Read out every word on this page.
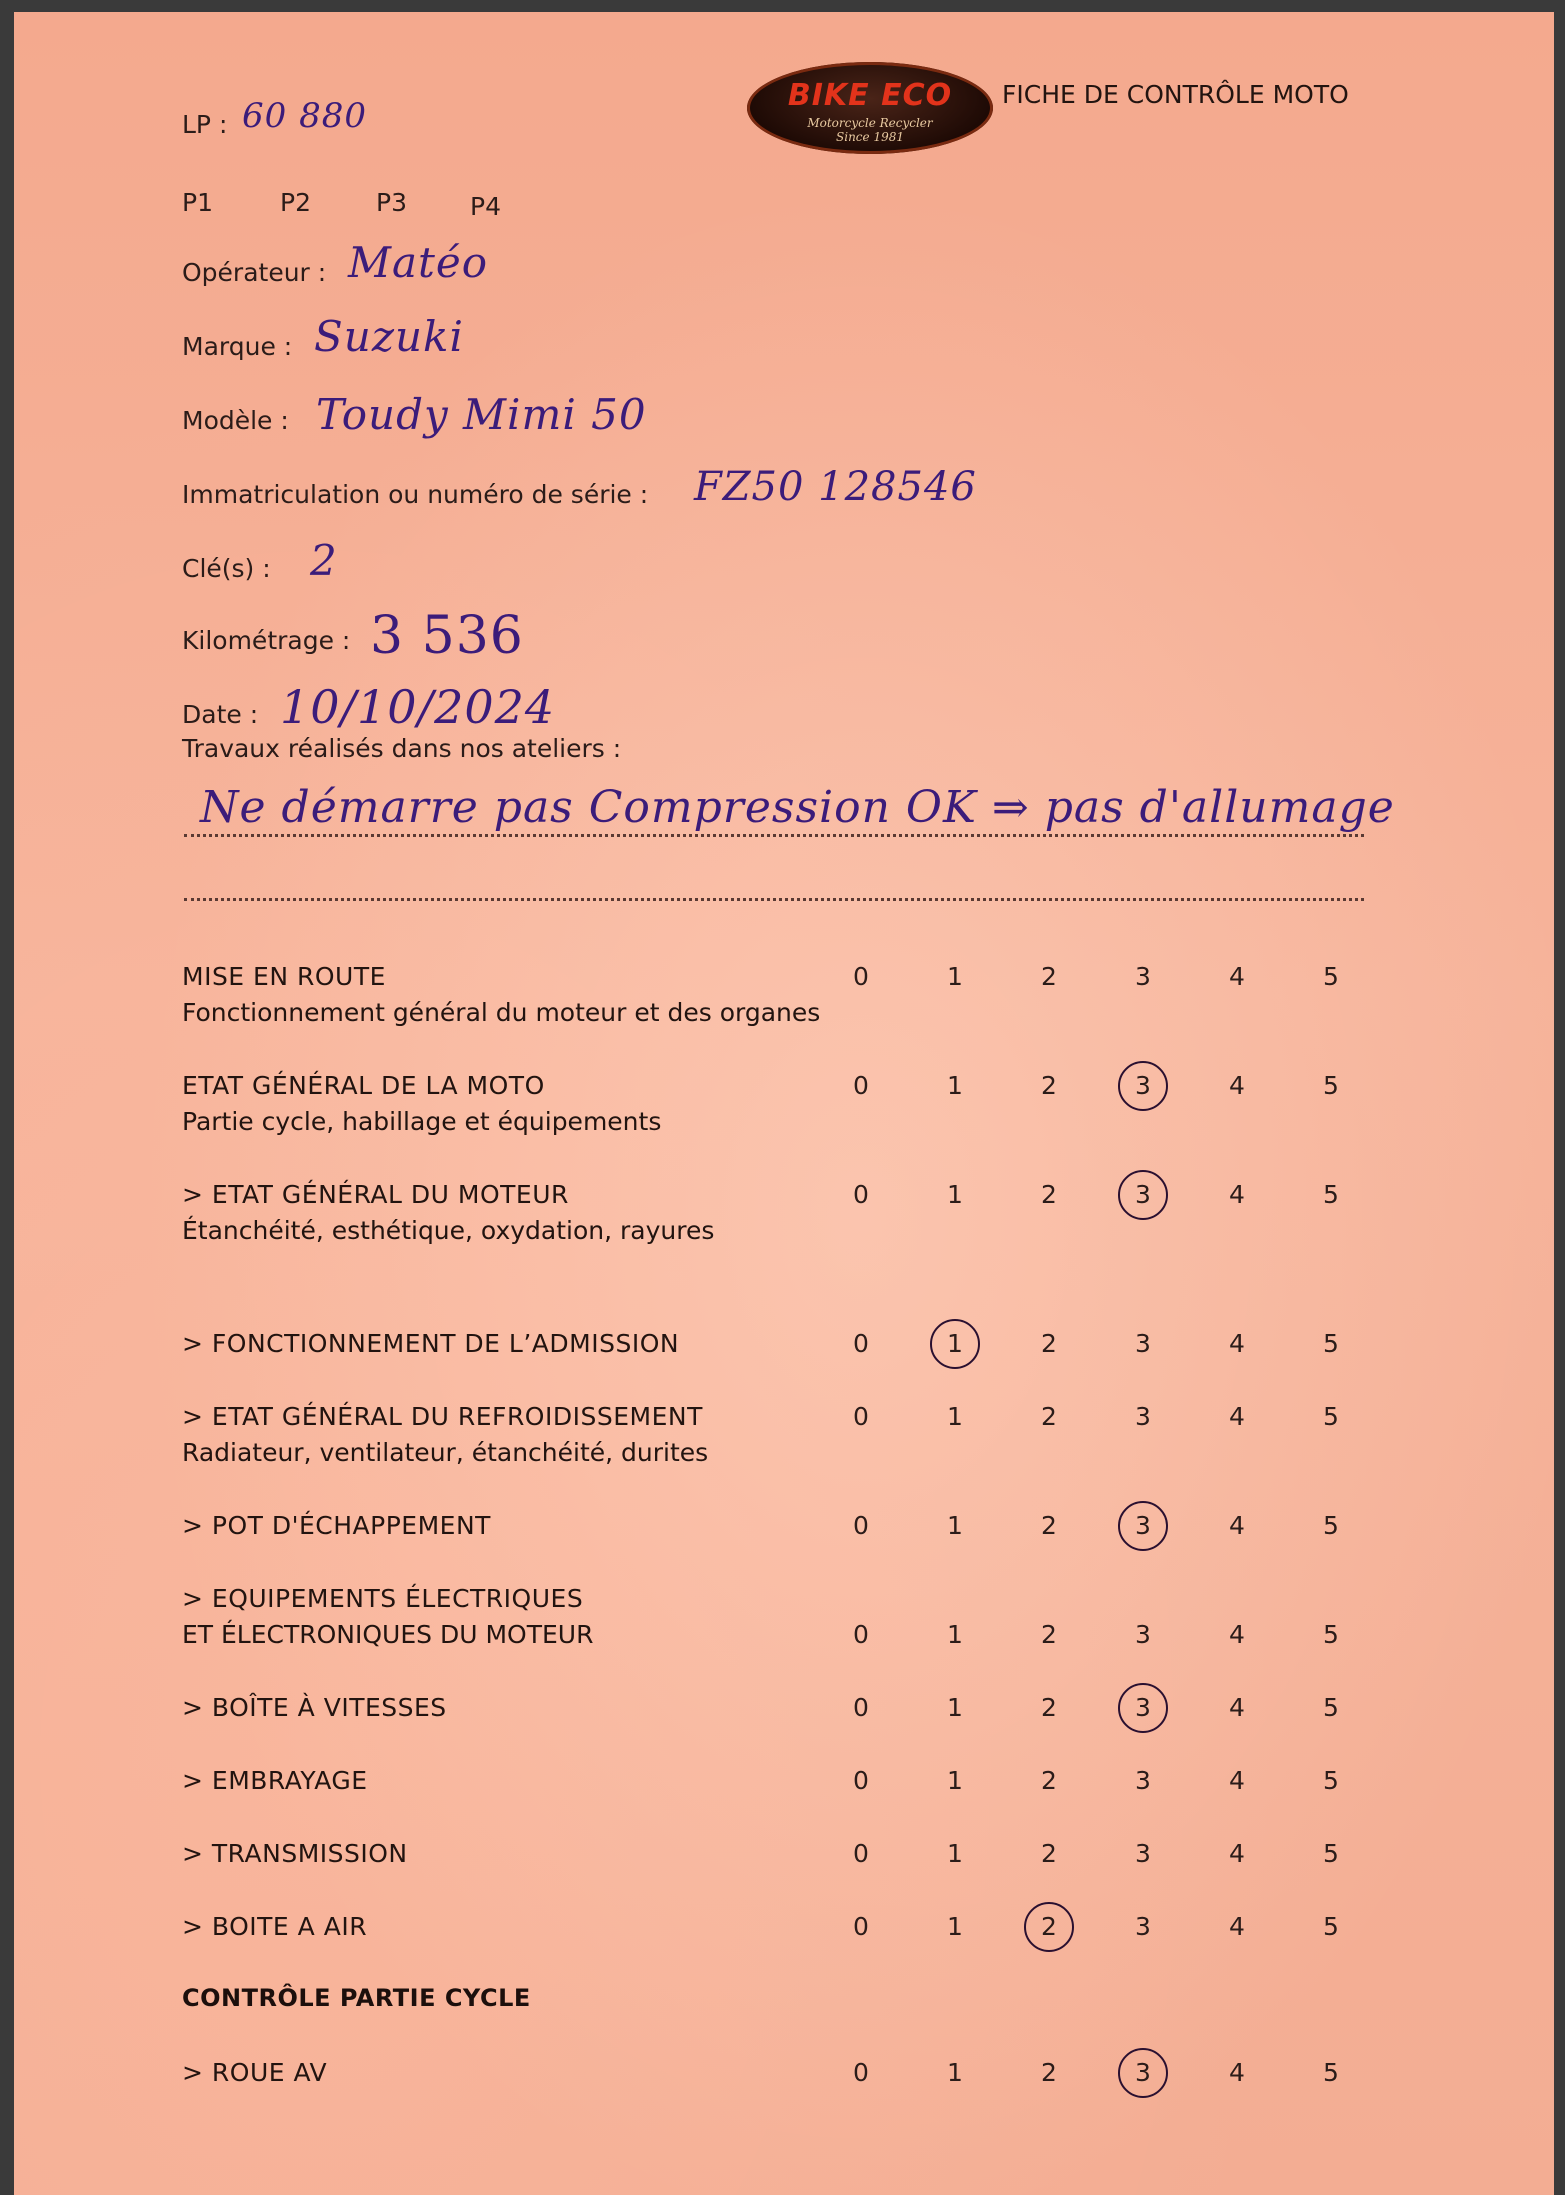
LP : 60 880
BIKE ECO
Motorcycle Recycler
Since 1981
FICHE DE CONTRÔLE MOTO
P1	P2	P3	P4
Opérateur : Matéo
Marque : Suzuki
Modèle : Toudy Mimi 50
Immatriculation ou numéro de série : FZ50 128546
Clé(s) : 2
Kilométrage : 3 536
Date : 10/10/2024
Travaux réalisés dans nos ateliers :
Ne démarre pas Compression OK ⇒ pas d'allumage
MISE EN ROUTE
Fonctionnement général du moteur et des organes
0	1	2	3	4	5
ETAT GÉNÉRAL DE LA MOTO
Partie cycle, habillage et équipements
0	1	2	3	4	5
> ETAT GÉNÉRAL DU MOTEUR
Étanchéité, esthétique, oxydation, rayures
0	1	2	3	4	5
> FONCTIONNEMENT DE L’ADMISSION	0	1	2	3	4	5
> ETAT GÉNÉRAL DU REFROIDISSEMENT
Radiateur, ventilateur, étanchéité, durites
0	1	2	3	4	5
> POT D'ÉCHAPPEMENT	0	1	2	3	4	5
> EQUIPEMENTS ÉLECTRIQUES
ET ÉLECTRONIQUES DU MOTEUR	0	1	2	3	4	5
> BOÎTE À VITESSES	0	1	2	3	4	5
> EMBRAYAGE	0	1	2	3	4	5
> TRANSMISSION	0	1	2	3	4	5
> BOITE A AIR	0	1	2	3	4	5
CONTRÔLE PARTIE CYCLE
> ROUE AV	0	1	2	3	4	5
